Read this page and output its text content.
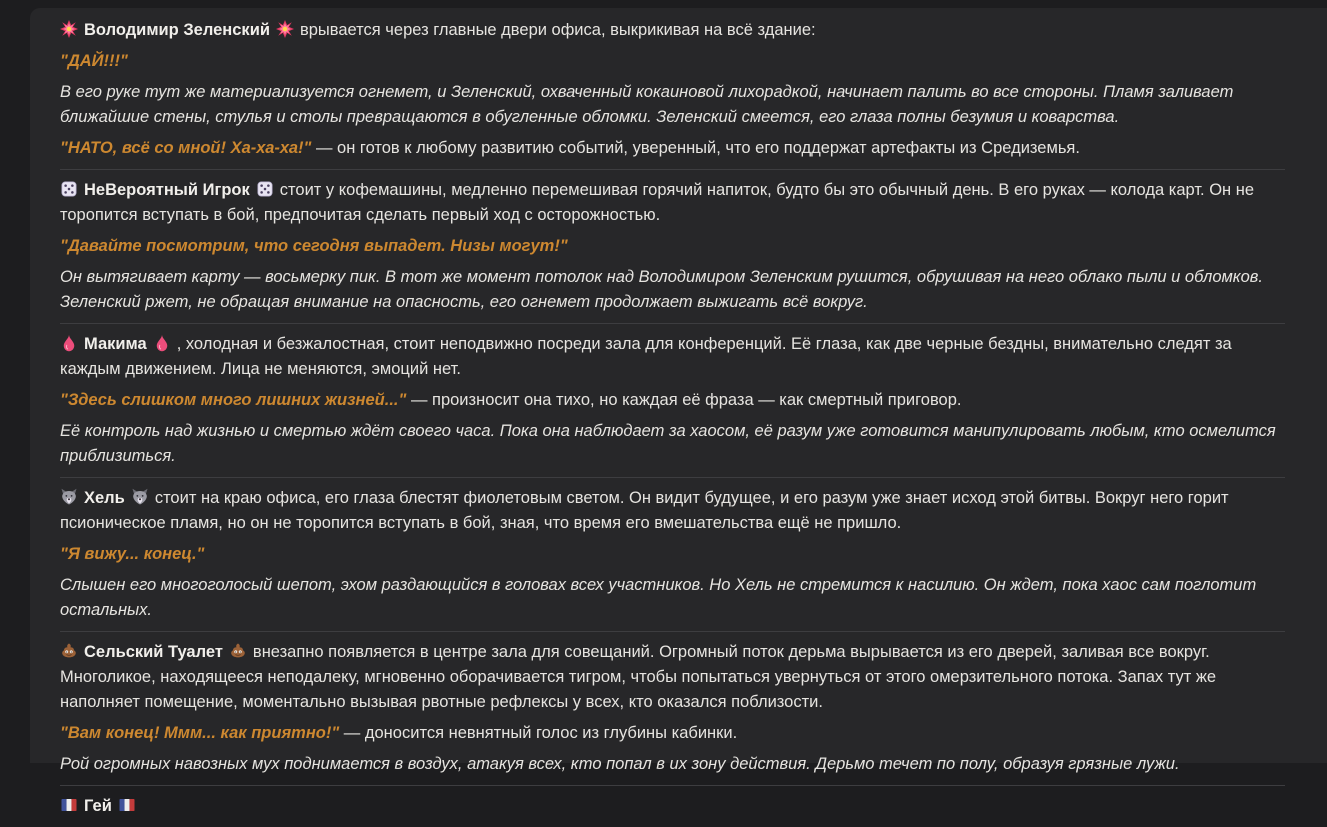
Володимир Зеленский врывается через главные двери офиса, выкрикивая на всё здание:

"ДАЙ!!!"

В его руке тут же материализуется огнемет, и Зеленский, охваченный кокаиновой лихорадкой, начинает палить во все стороны. Пламя заливает ближайшие стены, стулья и столы превращаются в обугленные обломки. Зеленский смеется, его глаза полны безумия и коварства.

"НАТО, всё со мной! Ха-ха-ха!" — он готов к любому развитию событий, уверенный, что его поддержат артефакты из Средиземья.

НеВероятный Игрок стоит у кофемашины, медленно перемешивая горячий напиток, будто бы это обычный день. В его руках — колода карт. Он не торопится вступать в бой, предпочитая сделать первый ход с осторожностью.

"Давайте посмотрим, что сегодня выпадет. Низы могут!"

Он вытягивает карту — восьмерку пик. В тот же момент потолок над Володимиром Зеленским рушится, обрушивая на него облако пыли и обломков. Зеленский ржет, не обращая внимание на опасность, его огнемет продолжает выжигать всё вокруг.

Макима , холодная и безжалостная, стоит неподвижно посреди зала для конференций. Её глаза, как две черные бездны, внимательно следят за каждым движением. Лица не меняются, эмоций нет.

"Здесь слишком много лишних жизней..." — произносит она тихо, но каждая её фраза — как смертный приговор.

Её контроль над жизнью и смертью ждёт своего часа. Пока она наблюдает за хаосом, её разум уже готовится манипулировать любым, кто осмелится приблизиться.

Хель стоит на краю офиса, его глаза блестят фиолетовым светом. Он видит будущее, и его разум уже знает исход этой битвы. Вокруг него горит псионическое пламя, но он не торопится вступать в бой, зная, что время его вмешательства ещё не пришло.

"Я вижу... конец."

Слышен его многоголосый шепот, эхом раздающийся в головах всех участников. Но Хель не стремится к насилию. Он ждет, пока хаос сам поглотит остальных.

Сельский Туалет внезапно появляется в центре зала для совещаний. Огромный поток дерьма вырывается из его дверей, заливая все вокруг. Многоликое, находящееся неподалеку, мгновенно оборачивается тигром, чтобы попытаться увернуться от этого омерзительного потока. Запах тут же наполняет помещение, моментально вызывая рвотные рефлексы у всех, кто оказался поблизости.

"Вам конец! Ммм... как приятно!" — доносится невнятный голос из глубины кабинки.

Рой огромных навозных мух поднимается в воздух, атакуя всех, кто попал в их зону действия. Дерьмо течет по полу, образуя грязные лужи.

Гей
